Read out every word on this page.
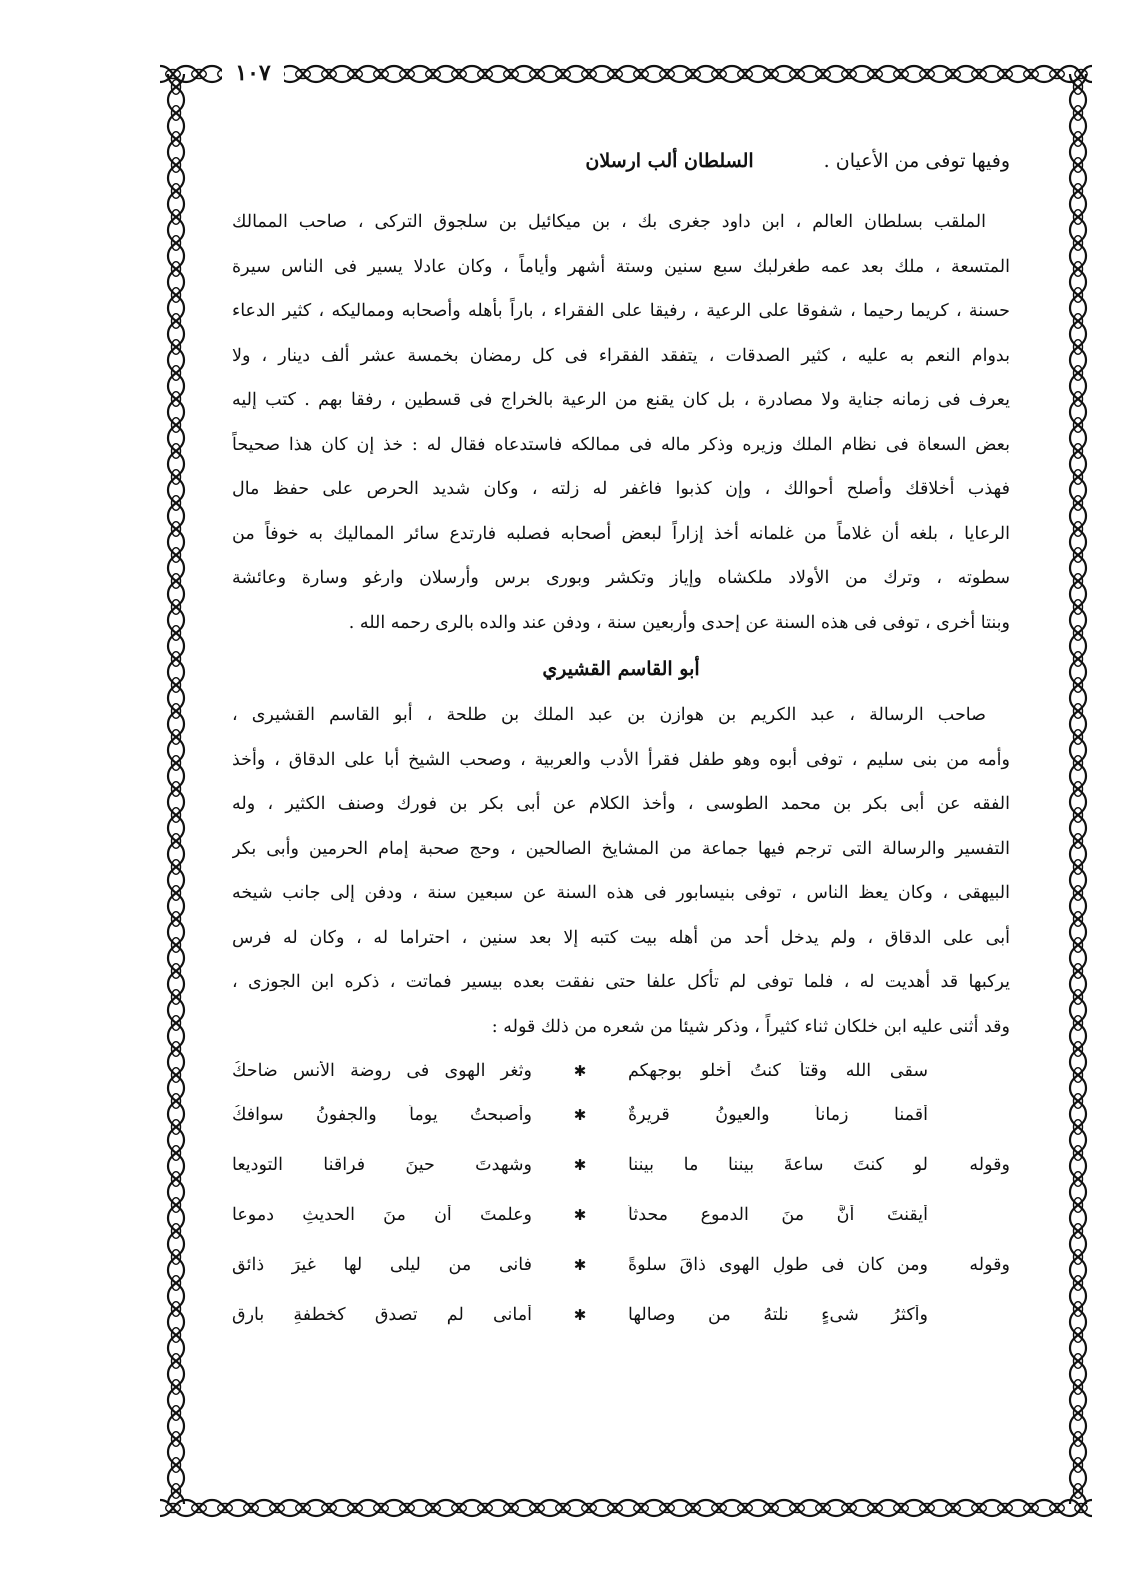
١٠٧
وفيها توفى من الأعيان .
السلطان ألب ارسلان
الملقب بسلطان العالم ، ابن داود جغرى بك ، بن ميكائيل بن سلجوق التركى ، صاحب الممالك
المتسعة ، ملك بعد عمه طغرلبك سبع سنين وستة أشهر وأياماً ، وكان عادلا يسير فى الناس سيرة
حسنة ، كريما رحيما ، شفوقا على الرعية ، رفيقا على الفقراء ، باراً بأهله وأصحابه ومماليكه ، كثير الدعاء
بدوام النعم به عليه ، كثير الصدقات ، يتفقد الفقراء فى كل رمضان بخمسة عشر ألف دينار ، ولا
يعرف فى زمانه جناية ولا مصادرة ، بل كان يقنع من الرعية بالخراج فى قسطين ، رفقا بهم . كتب إليه
بعض السعاة فى نظام الملك وزيره وذكر ماله فى ممالكه فاستدعاه فقال له : خذ إن كان هذا صحيحاً
فهذب أخلاقك وأصلح أحوالك ، وإن كذبوا فاغفر له زلته ، وكان شديد الحرص على حفظ مال
الرعايا ، بلغه أن غلاماً من غلمانه أخذ إزاراً لبعض أصحابه فصلبه فارتدع سائر المماليك به خوفاً من
سطوته ، وترك من الأولاد ملكشاه وإياز وتكشر وبورى برس وأرسلان وارغو وسارة وعائشة
وبنتا أخرى ، توفى فى هذه السنة عن إحدى وأربعين سنة ، ودفن عند والده بالرى رحمه الله .
أبو القاسم القشيري
صاحب الرسالة ، عبد الكريم بن هوازن بن عبد الملك بن طلحة ، أبو القاسم القشيرى ،
وأمه من بنى سليم ، توفى أبوه وهو طفل فقرأ الأدب والعربية ، وصحب الشيخ أبا على الدقاق ، وأخذ
الفقه عن أبى بكر بن محمد الطوسى ، وأخذ الكلام عن أبى بكر بن فورك وصنف الكثير ، وله
التفسير والرسالة التى ترجم فيها جماعة من المشايخ الصالحين ، وحج صحبة إمام الحرمين وأبى بكر
البيهقى ، وكان يعظ الناس ، توفى بنيسابور فى هذه السنة عن سبعين سنة ، ودفن إلى جانب شيخه
أبى على الدقاق ، ولم يدخل أحد من أهله بيت كتبه إلا بعد سنين ، احتراما له ، وكان له فرس
يركبها قد أهديت له ، فلما توفى لم تأكل علفا حتى نفقت بعده بيسير فماتت ، ذكره ابن الجوزى ،
وقد أثنى عليه ابن خلكان ثناء كثيراً ، وذكر شيئا من شعره من ذلك قوله :
سقى الله وقتاً كنتُ أخلو بوجهكم
✱
وثغر الهوى فى روضة الأنس ضاحكُ
أقمنا زماناً والعيونُ قريرةٌ
✱
وأصبحتُ يوماً والجفونُ سوافكُ
وقوله
لو كنتَ ساعةَ بيننا ما بيننا
✱
وشهدتَ حينَ فراقنا التوديعا
أيقنتَ أنَّ منَ الدموع محدثاً
✱
وعلمتَ أن منَ الحديثِ دموعا
وقوله
ومن كان فى طولِ الهوى ذاقَ سلوةً
✱
فانى من ليلى لها غيرَ ذائقِ
وأكثرُ شىءٍ نلتهُ من وصالها
✱
أمانى لم تصدق كخطفةِ بارقِ
